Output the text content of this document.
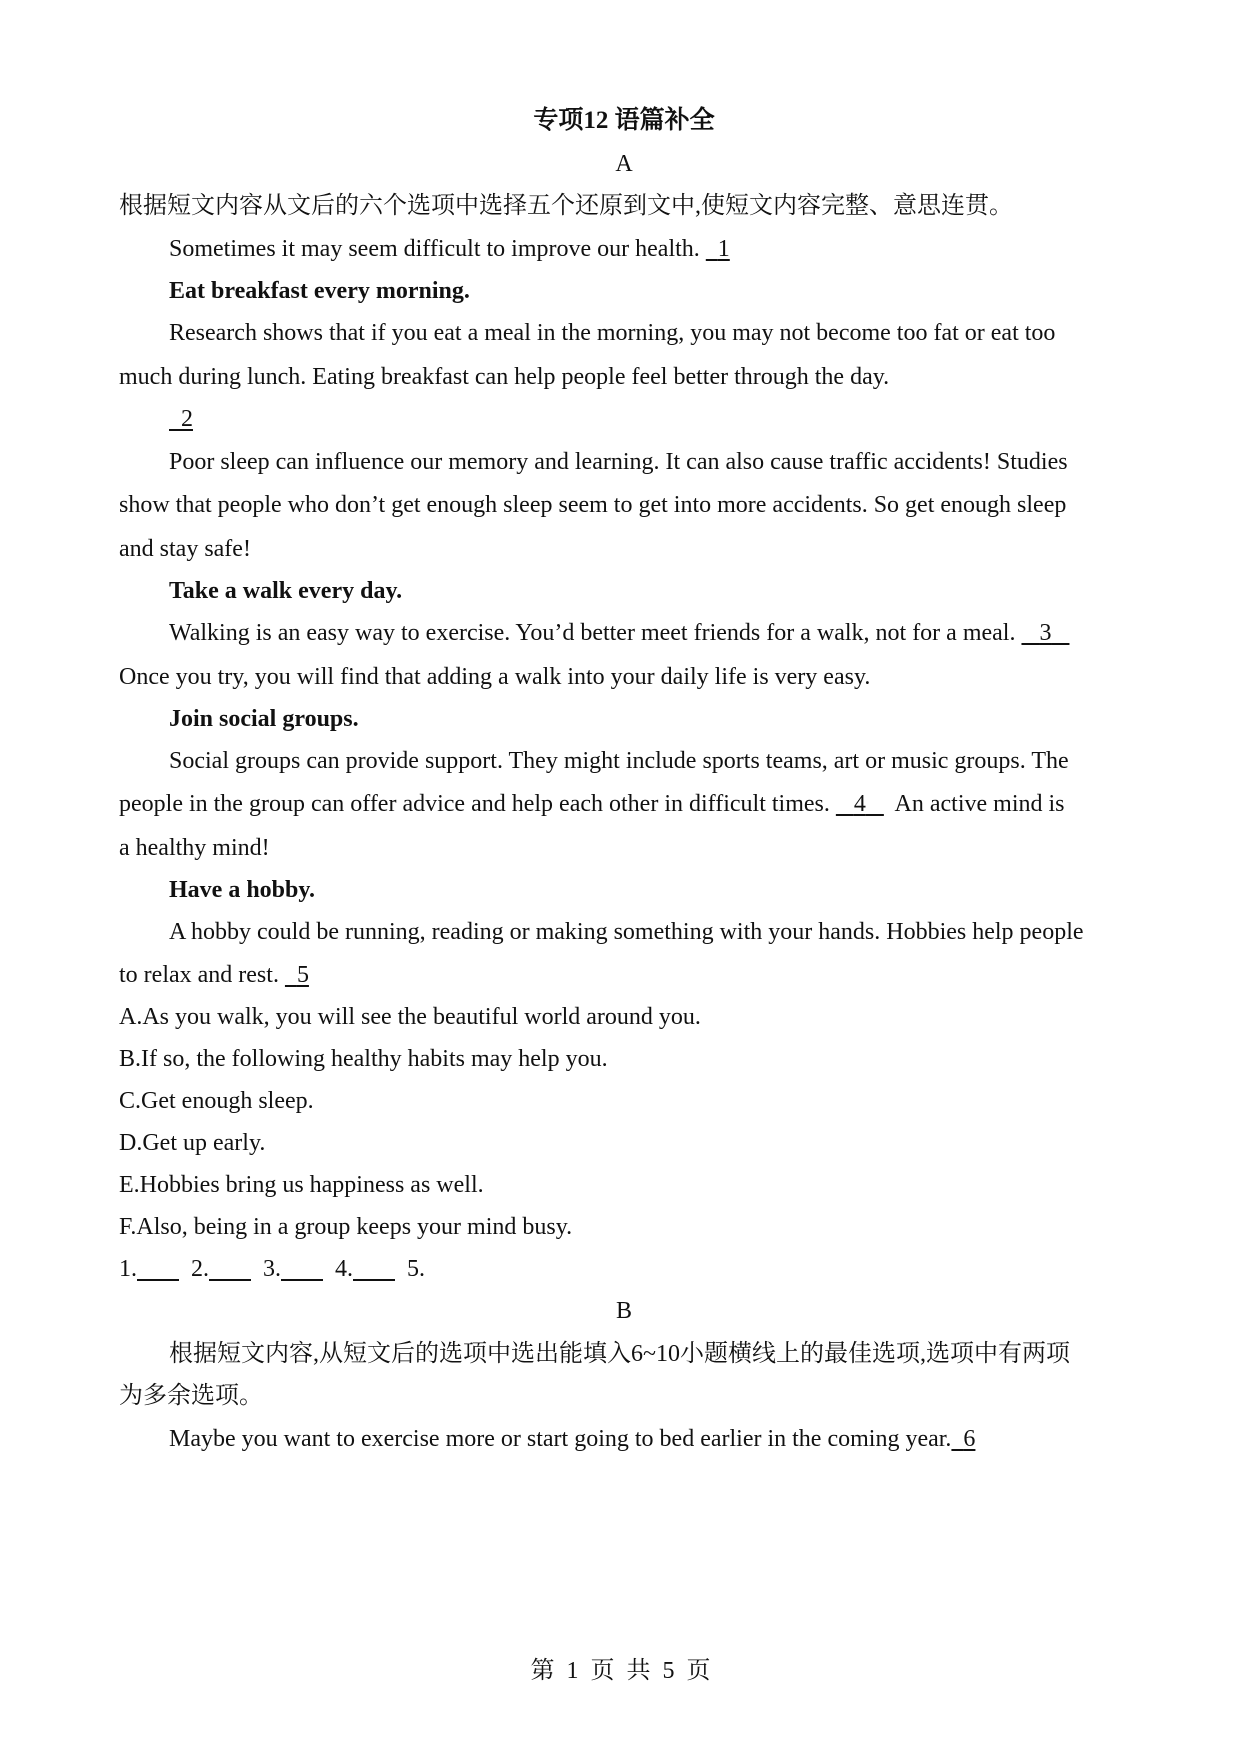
专项12 语篇补全
A
根据短文内容从文后的六个选项中选择五个还原到文中,使短文内容完整、意思连贯。
Sometimes it may seem difficult to improve our health.   1
Eat breakfast every morning.
Research shows that if you eat a meal in the morning, you may not become too fat or eat too
much during lunch. Eating breakfast can help people feel better through the day.
2
Poor sleep can influence our memory and learning. It can also cause traffic accidents! Studies
show that people who don’t get enough sleep seem to get into more accidents. So get enough sleep
and stay safe!
Take a walk every day.
Walking is an easy way to exercise. You’d better meet friends for a walk, not for a meal.    3
Once you try, you will find that adding a walk into your daily life is very easy.
Join social groups.
Social groups can provide support. They might include sports teams, art or music groups. The
people in the group can offer advice and help each other in difficult times.    4     An active mind is
a healthy mind!
Have a hobby.
A hobby could be running, reading or making something with your hands. Hobbies help people
to relax and rest.   5
A.As you walk, you will see the beautiful world around you.
B.If so, the following healthy habits may help you.
C.Get enough sleep.
D.Get up early.
E.Hobbies bring us happiness as well.
F.Also, being in a group keeps your mind busy.
1. 2. 3. 4. 5.
B
根据短文内容,从短文后的选项中选出能填入6~10小题横线上的最佳选项,选项中有两项
为多余选项。
Maybe you want to exercise more or start going to bed earlier in the coming year. 6
第  1  页  共  5  页
